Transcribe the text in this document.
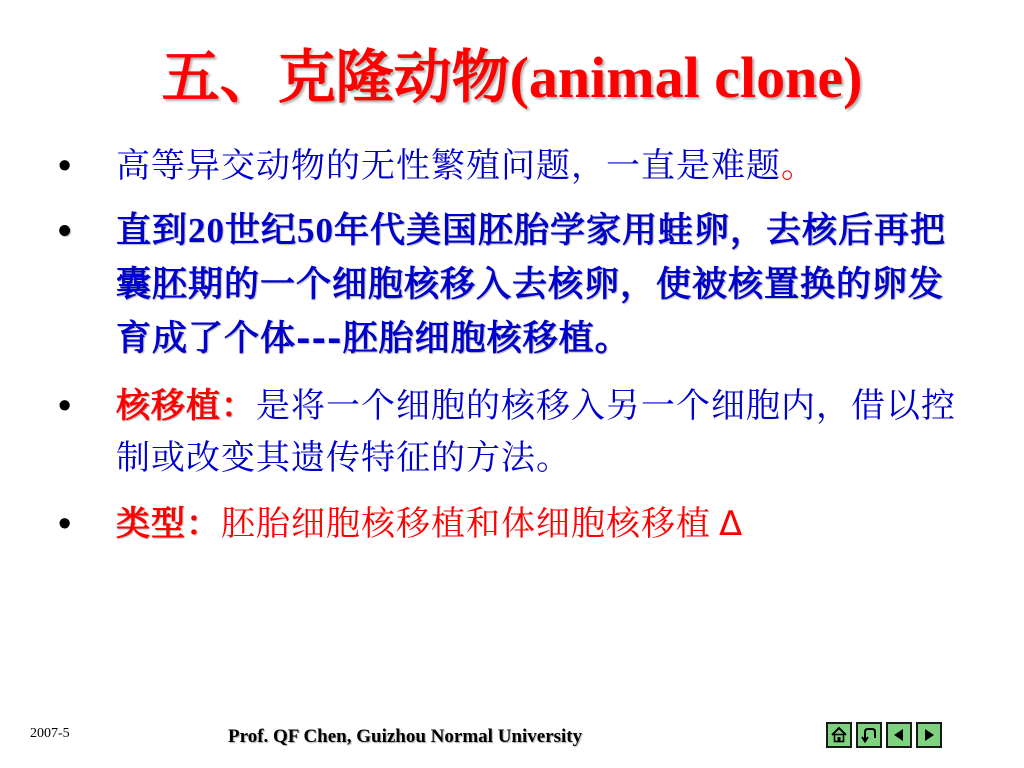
五、克隆动物(animal clone)
• 高等异交动物的无性繁殖问题，一直是难题。
• 直到20世纪50年代美国胚胎学家用蛙卵，去核后再把囊胚期的一个细胞核移入去核卵，使被核置换的卵发育成了个体---胚胎细胞核移植。
• 核移植：是将一个细胞的核移入另一个细胞内，借以控制或改变其遗传特征的方法。
• 类型：胚胎细胞核移植和体细胞核移植 Δ
2007-5	Prof. QF Chen, Guizhou Normal University
